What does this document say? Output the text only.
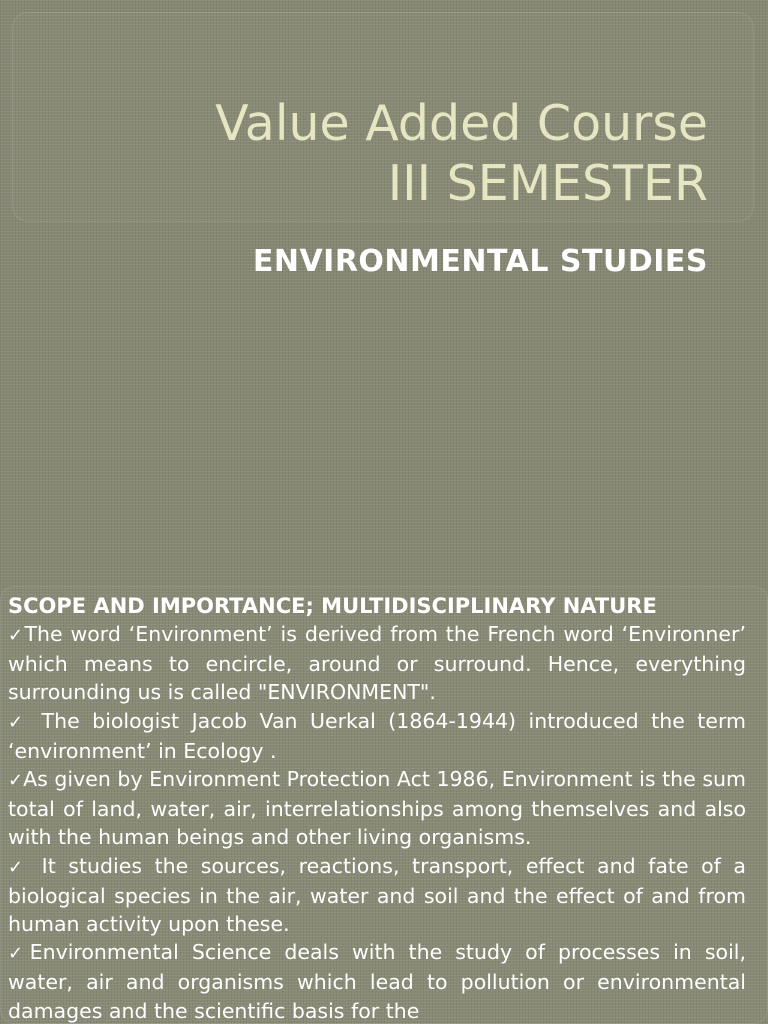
Value Added Course
III SEMESTER
ENVIRONMENTAL STUDIES
SCOPE AND IMPORTANCE; MULTIDISCIPLINARY NATURE

✓The word ‘Environment’ is derived from the French word ‘Environner’ which means to encircle, around or surround. Hence, everything surrounding us is called "ENVIRONMENT".

✓ The biologist Jacob Van Uerkal (1864-1944) introduced the term ‘environment’ in Ecology .

✓As given by Environment Protection Act 1986, Environment is the sum total of land, water, air, interrelationships among themselves and also with the human beings and other living organisms.

✓ It studies the sources, reactions, transport, effect and fate of a biological species in the air, water and soil and the effect of and from human activity upon these.

✓Environmental Science deals with the study of processes in soil, water, air and organisms which lead to pollution or environmental damages and the scientific basis for the
